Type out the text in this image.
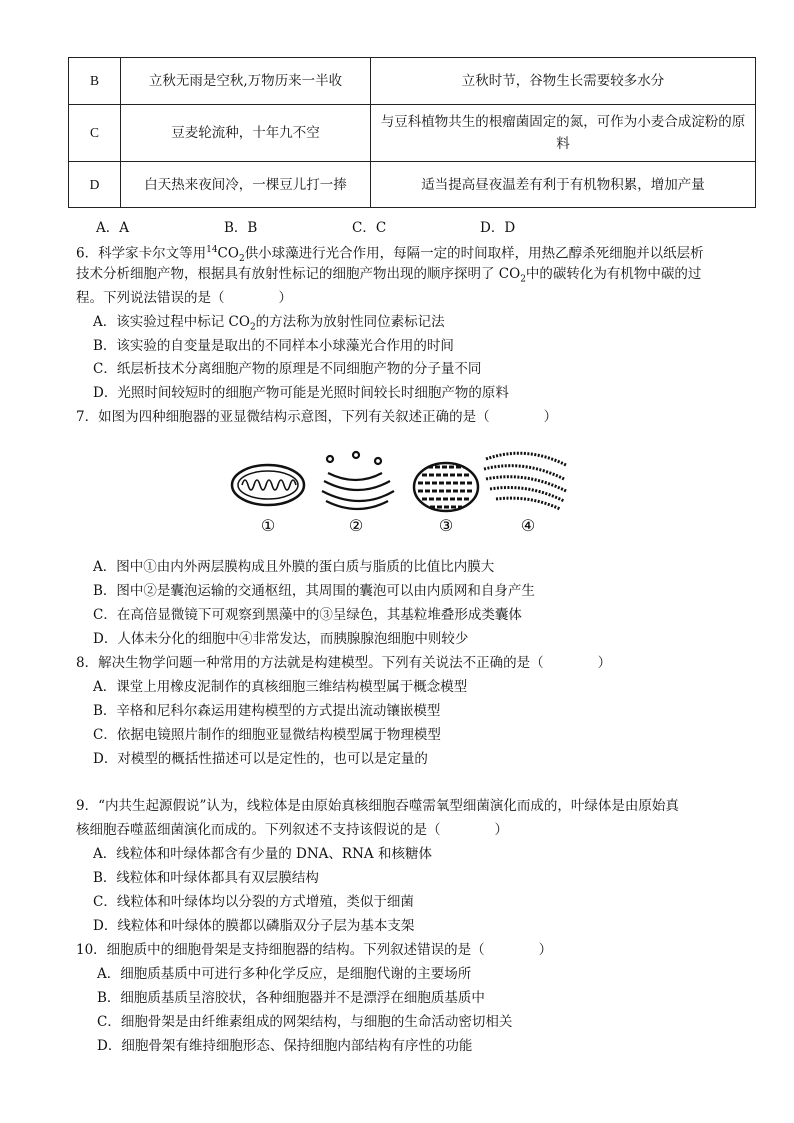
B	立秋无雨是空秋,万物历来一半收	立秋时节，谷物生长需要较多水分
C	豆麦轮流种，十年九不空	与豆科植物共生的根瘤菌固定的氮，可作为小麦合成淀粉的原
料

D	白天热来夜间冷，一棵豆儿打一捧	适当提高昼夜温差有利于有机物积累，增加产量
A．A	B．B	C．C	D．D
6．科学家卡尔文等用$^{14}CO_2$供小球藻进行光合作用，每隔一定的时间取样，用热乙醇杀死细胞并以纸层析
技术分析细胞产物，根据具有放射性标记的细胞产物出现的顺序探明了 $CO_2$中的碳转化为有机物中碳的过
程。下列说法错误的是（　　　　）
A．该实验过程中标记 $CO_2$的方法称为放射性同位素标记法
B．该实验的自变量是取出的不同样本小球藻光合作用的时间
C．纸层析技术分离细胞产物的原理是不同细胞产物的分子量不同
D．光照时间较短时的细胞产物可能是光照时间较长时细胞产物的原料
7．如图为四种细胞器的亚显微结构示意图，下列有关叙述正确的是（　　　　）
①	②	③	④
A．图中①由内外两层膜构成且外膜的蛋白质与脂质的比值比内膜大
B．图中②是囊泡运输的交通枢纽，其周围的囊泡可以由内质网和自身产生
C．在高倍显微镜下可观察到黑藻中的③呈绿色，其基粒堆叠形成类囊体
D．人体未分化的细胞中④非常发达，而胰腺腺泡细胞中则较少
8．解决生物学问题一种常用的方法就是构建模型。下列有关说法不正确的是（　　　　）
A．课堂上用橡皮泥制作的真核细胞三维结构模型属于概念模型
B．辛格和尼科尔森运用建构模型的方式提出流动镶嵌模型
C．依据电镜照片制作的细胞亚显微结构模型属于物理模型
D．对模型的概括性描述可以是定性的，也可以是定量的
9．“内共生起源假说”认为，线粒体是由原始真核细胞吞噬需氧型细菌演化而成的，叶绿体是由原始真
核细胞吞噬蓝细菌演化而成的。下列叙述不支持该假说的是（　　　　）
A．线粒体和叶绿体都含有少量的 DNA、RNA 和核糖体
B．线粒体和叶绿体都具有双层膜结构
C．线粒体和叶绿体均以分裂的方式增殖，类似于细菌
D．线粒体和叶绿体的膜都以磷脂双分子层为基本支架
10．细胞质中的细胞骨架是支持细胞器的结构。下列叙述错误的是（　　　　）
A．细胞质基质中可进行多种化学反应，是细胞代谢的主要场所
B．细胞质基质呈溶胶状，各种细胞器并不是漂浮在细胞质基质中
C．细胞骨架是由纤维素组成的网架结构，与细胞的生命活动密切相关
D．细胞骨架有维持细胞形态、保持细胞内部结构有序性的功能
